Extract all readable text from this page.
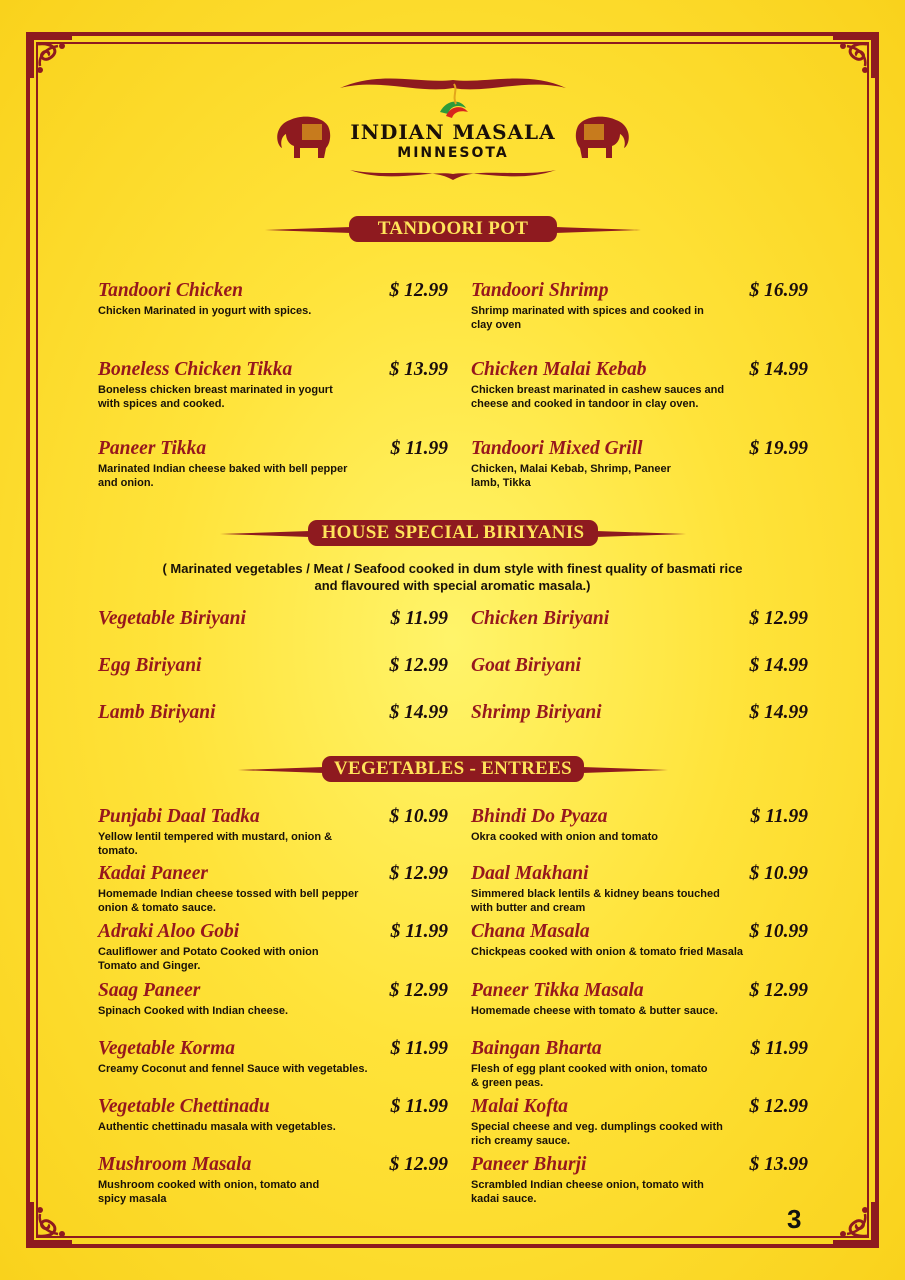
INDIAN MASALA
MINNESOTA
TANDOORI POT
Tandoori Chicken	$ 12.99
Chicken Marinated in yogurt with spices.
Tandoori Shrimp	$ 16.99
Shrimp marinated with spices and cooked in clay oven
Boneless Chicken Tikka	$ 13.99
Boneless chicken breast marinated in yogurt with spices and cooked.
Chicken Malai Kebab	$ 14.99
Chicken breast marinated in cashew sauces and cheese and cooked in tandoor in clay oven.
Paneer Tikka	$ 11.99
Marinated Indian cheese baked with bell pepper and onion.
Tandoori Mixed Grill	$ 19.99
Chicken, Malai Kebab, Shrimp, Paneer lamb, Tikka
HOUSE SPECIAL BIRIYANIS
( Marinated vegetables / Meat / Seafood cooked in dum style with finest quality of basmati rice and flavoured with special aromatic masala.)
Vegetable Biriyani	$ 11.99 Chicken Biriyani	$ 12.99
Egg Biriyani	$ 12.99 Goat Biriyani	$ 14.99
Lamb Biriyani	$ 14.99 Shrimp Biriyani	$ 14.99
VEGETABLES - ENTREES
Punjabi Daal Tadka	$ 10.99
Yellow lentil tempered with mustard, onion & tomato.
Bhindi Do Pyaza	$ 11.99
Okra cooked with onion and tomato
Kadai Paneer	$ 12.99
Homemade Indian cheese tossed with bell pepper onion & tomato sauce.
Daal Makhani	$ 10.99
Simmered black lentils & kidney beans touched with butter and cream
Adraki Aloo Gobi	$ 11.99
Cauliflower and Potato Cooked with onion Tomato and Ginger.
Chana Masala	$ 10.99
Chickpeas cooked with onion & tomato fried Masala
Saag Paneer	$ 12.99
Spinach Cooked with Indian cheese.
Paneer Tikka Masala	$ 12.99
Homemade cheese with tomato & butter sauce.
Vegetable Korma	$ 11.99
Creamy Coconut and fennel Sauce with vegetables.
Baingan Bharta	$ 11.99
Flesh of egg plant cooked with onion, tomato & green peas.
Vegetable Chettinadu	$ 11.99
Authentic chettinadu masala with vegetables.
Malai Kofta	$ 12.99
Special cheese and veg. dumplings cooked with rich creamy sauce.
Mushroom Masala	$ 12.99
Mushroom cooked with onion, tomato and spicy masala
Paneer Bhurji	$ 13.99
Scrambled Indian cheese onion, tomato with kadai sauce.
3
